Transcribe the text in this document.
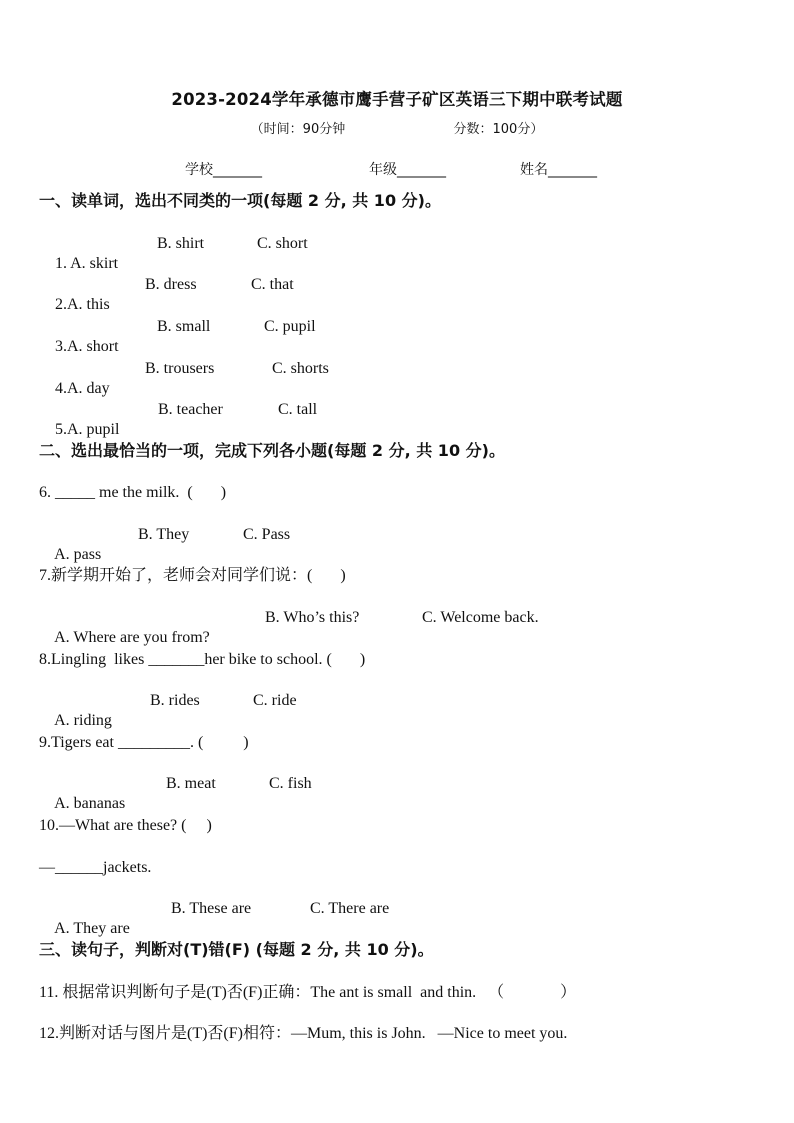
2023-2024学年承德市鹰手营子矿区英语三下期中联考试题
（时间：90分钟	分数：100分）

学校_______

	年级_______

	姓名_______

一、读单词，选出不同类的一项(每题 2 分, 共 10 分)。

1. A. skirt

B. shirt

	C. short

2.A. this

B. dress

	C. that

3.A. short

B. small

	C. pupil

4.A. day

B. trousers

	C. shorts

5.A. pupil

B. teacher

	C. tall

二、选出最恰当的一项，完成下列各小题(每题 2 分, 共 10 分)。
6. _____ me the milk.  (       )

A. pass

B. They

	C. Pass

7.新学期开始了，老师会对同学们说：(       )

A. Where are you from?

B. Who’s this?

	C. Welcome back.

8.Lingling  likes _______her bike to school. (       )

A. riding

B. rides

	C. ride

9.Tigers eat _________. (          )

A. bananas

B. meat

	C. fish

10.—What are these? (     )
—______jackets.

A. They are

B. These are

	C. There are

三、读句子，判断对(T)错(F) (每题 2 分, 共 10 分)。
11. 根据常识判断句子是(T)否(F)正确：The ant is small  and thin.   （              ）
12.判断对话与图片是(T)否(F)相符：—Mum, this is John.   —Nice to meet you.
